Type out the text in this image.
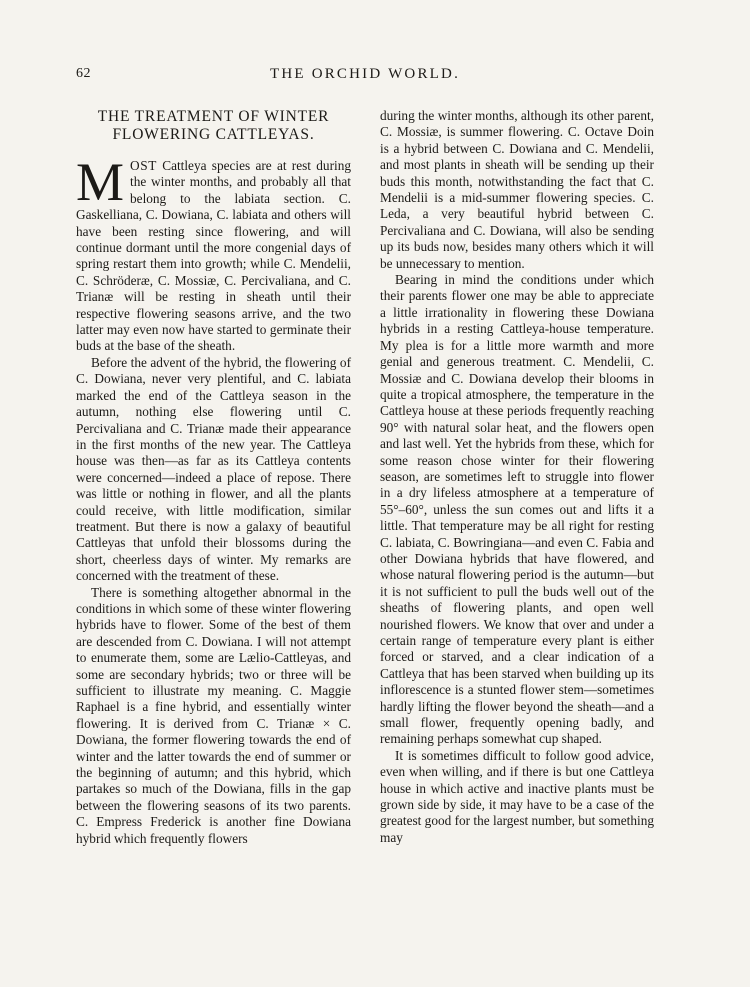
62	THE ORCHID WORLD.
THE TREATMENT OF WINTER
FLOWERING CATTLEYAS.

MOST Cattleya species are at rest during the winter months, and probably all that belong to the labiata section. C. Gaskelliana, C. Dowiana, C. labiata and others will have been resting since flowering, and will continue dormant until the more congenial days of spring restart them into growth; while C. Mendelii, C. Schröderæ, C. Mossiæ, C. Percivaliana, and C. Trianæ will be resting in sheath until their respective flowering seasons arrive, and the two latter may even now have started to germinate their buds at the base of the sheath.

Before the advent of the hybrid, the flowering of C. Dowiana, never very plentiful, and C. labiata marked the end of the Cattleya season in the autumn, nothing else flowering until C. Percivaliana and C. Trianæ made their appearance in the first months of the new year. The Cattleya house was then—as far as its Cattleya contents were concerned—indeed a place of repose. There was little or nothing in flower, and all the plants could receive, with little modification, similar treatment. But there is now a galaxy of beautiful Cattleyas that unfold their blossoms during the short, cheerless days of winter. My remarks are concerned with the treatment of these.

There is something altogether abnormal in the conditions in which some of these winter flowering hybrids have to flower. Some of the best of them are descended from C. Dowiana. I will not attempt to enumerate them, some are Lælio-Cattleyas, and some are secondary hybrids; two or three will be sufficient to illustrate my meaning. C. Maggie Raphael is a fine hybrid, and essentially winter flowering. It is derived from C. Trianæ × C. Dowiana, the former flowering towards the end of winter and the latter towards the end of summer or the beginning of autumn; and this hybrid, which partakes so much of the Dowiana, fills in the gap between the flowering seasons of its two parents. C. Empress Frederick is another fine Dowiana hybrid which frequently flowers

during the winter months, although its other parent, C. Mossiæ, is summer flowering. C. Octave Doin is a hybrid between C. Dowiana and C. Mendelii, and most plants in sheath will be sending up their buds this month, notwithstanding the fact that C. Mendelii is a mid-summer flowering species. C. Leda, a very beautiful hybrid between C. Percivaliana and C. Dowiana, will also be sending up its buds now, besides many others which it will be unnecessary to mention.

Bearing in mind the conditions under which their parents flower one may be able to appreciate a little irrationality in flowering these Dowiana hybrids in a resting Cattleya-house temperature. My plea is for a little more warmth and more genial and generous treatment. C. Mendelii, C. Mossiæ and C. Dowiana develop their blooms in quite a tropical atmosphere, the temperature in the Cattleya house at these periods frequently reaching 90° with natural solar heat, and the flowers open and last well. Yet the hybrids from these, which for some reason chose winter for their flowering season, are sometimes left to struggle into flower in a dry lifeless atmosphere at a temperature of 55°–60°, unless the sun comes out and lifts it a little. That temperature may be all right for resting C. labiata, C. Bowringiana—and even C. Fabia and other Dowiana hybrids that have flowered, and whose natural flowering period is the autumn—but it is not sufficient to pull the buds well out of the sheaths of flowering plants, and open well nourished flowers. We know that over and under a certain range of temperature every plant is either forced or starved, and a clear indication of a Cattleya that has been starved when building up its inflorescence is a stunted flower stem—sometimes hardly lifting the flower beyond the sheath—and a small flower, frequently opening badly, and remaining perhaps somewhat cup shaped.

It is sometimes difficult to follow good advice, even when willing, and if there is but one Cattleya house in which active and inactive plants must be grown side by side, it may have to be a case of the greatest good for the largest number, but something may
